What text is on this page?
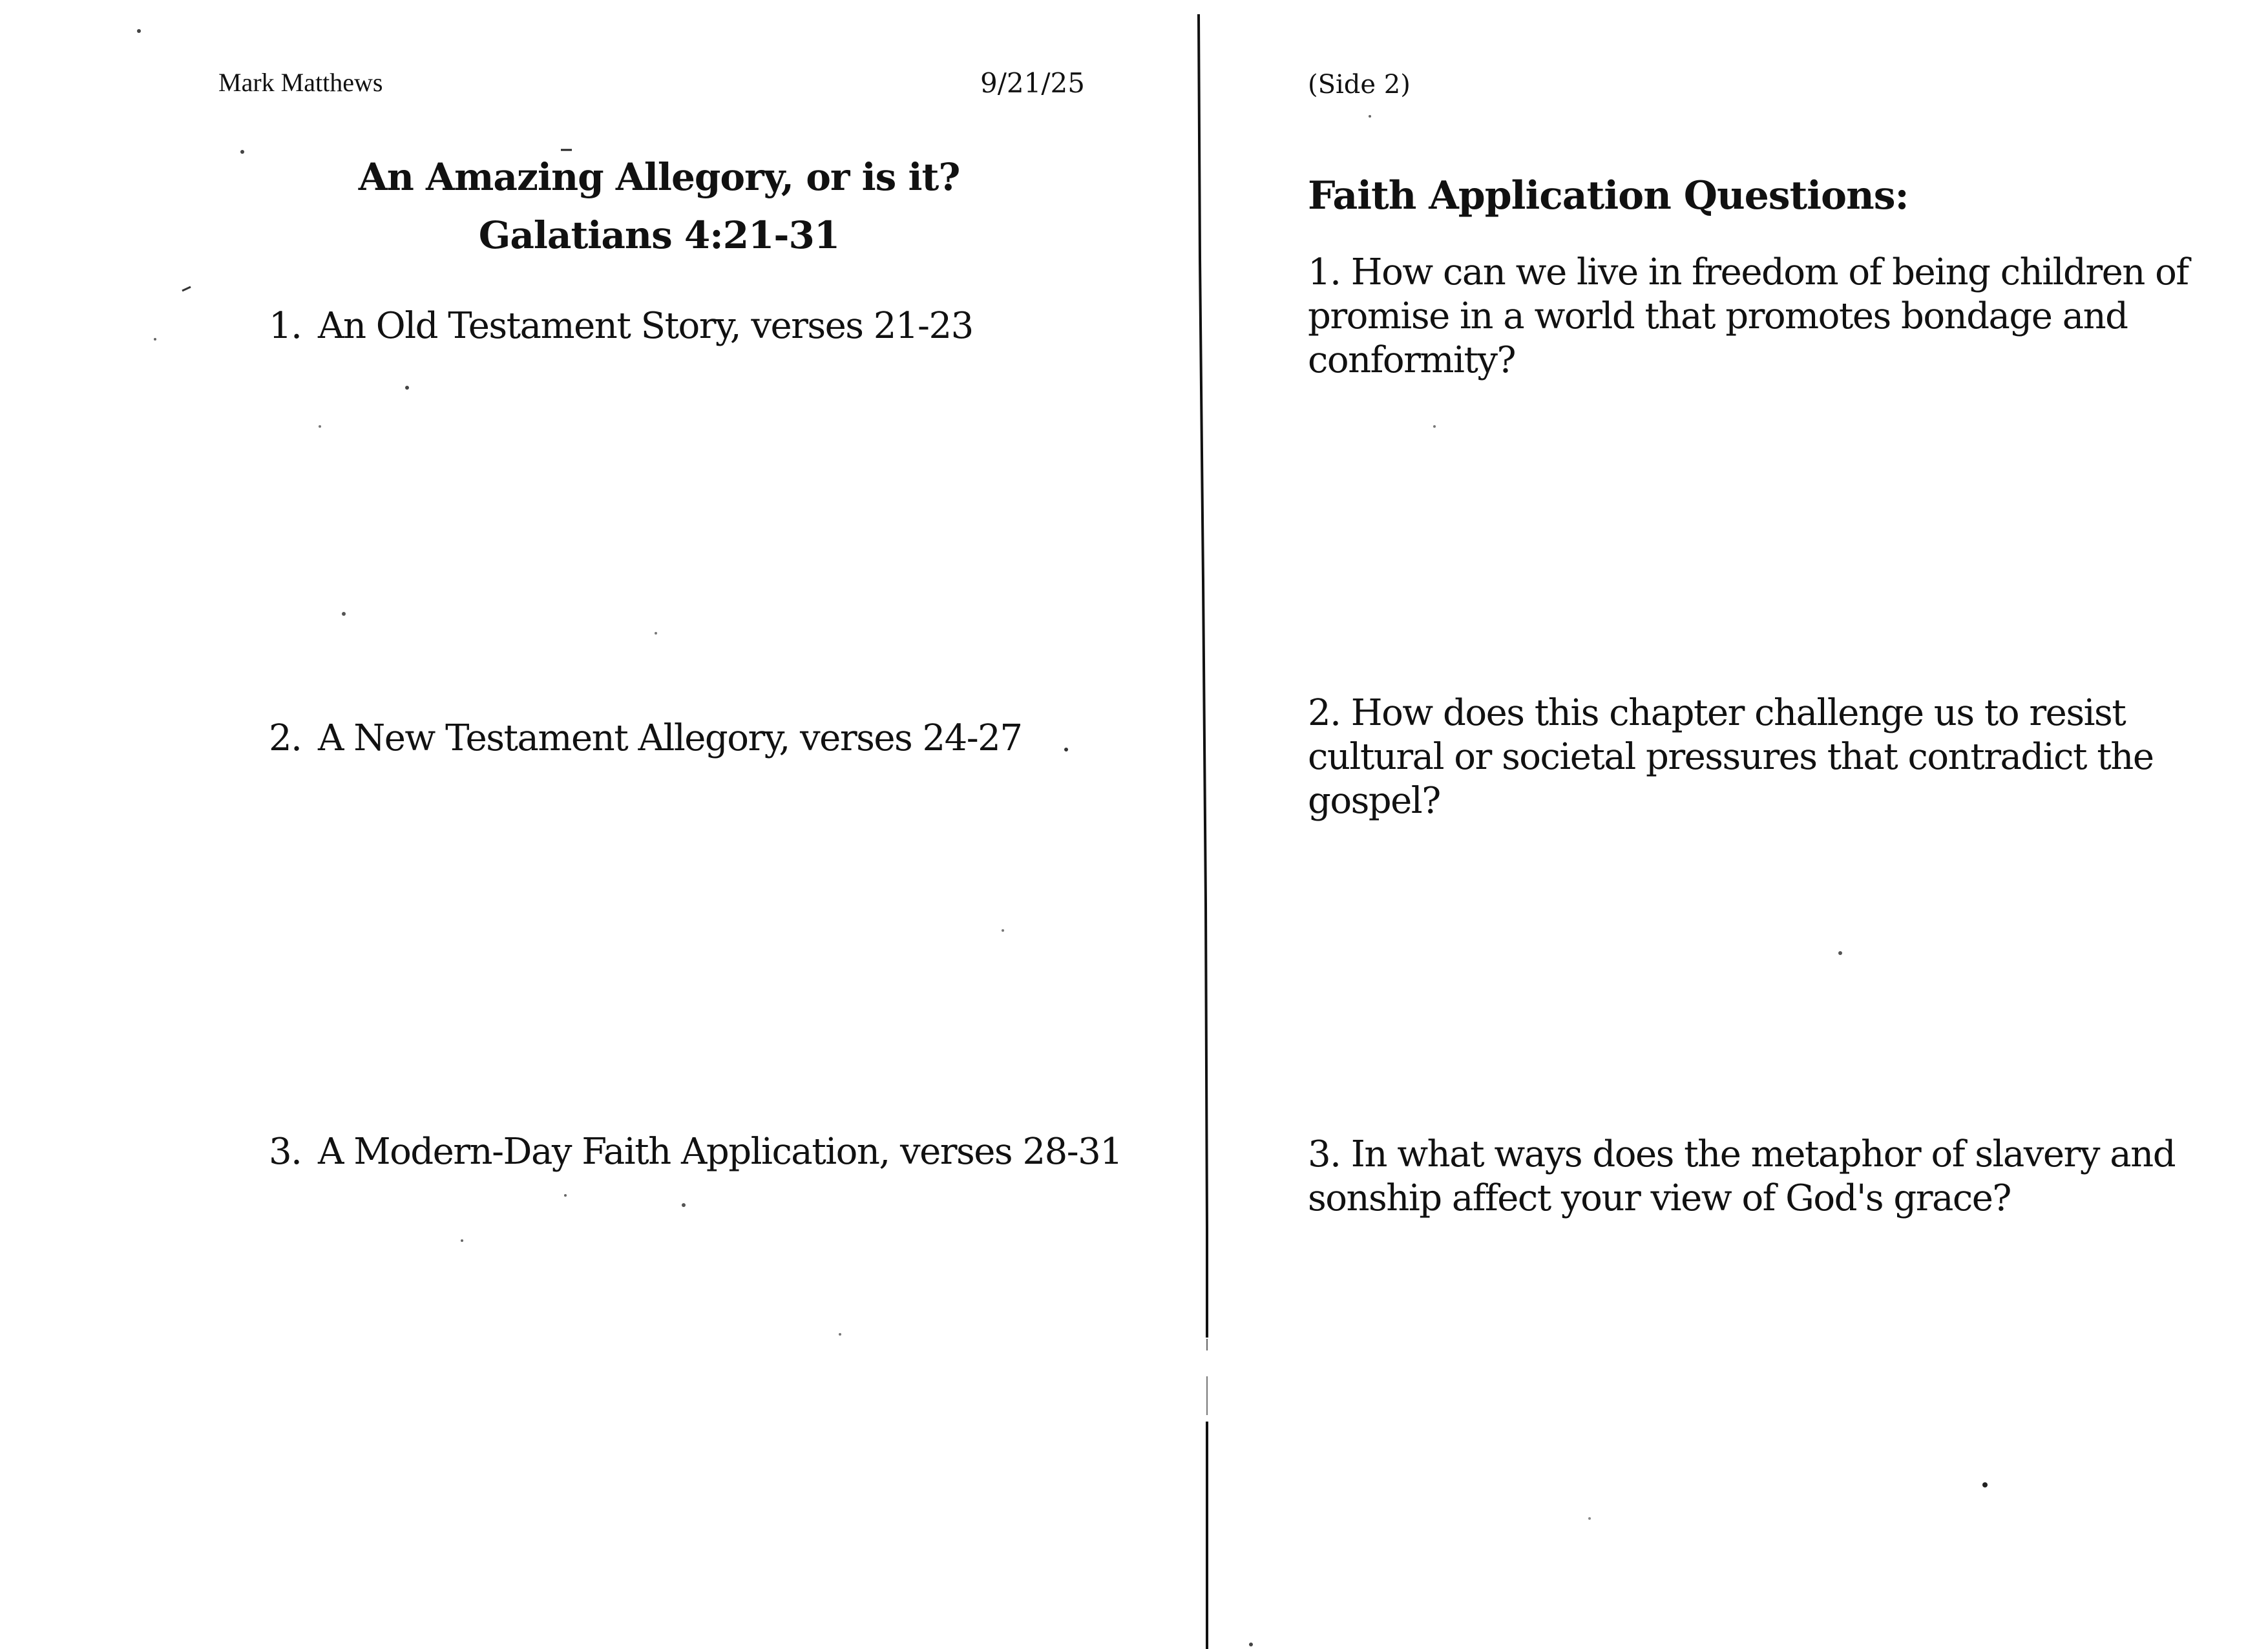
Mark Matthews	9/21/25
An Amazing Allegory, or is it?
Galatians 4:21-31
1. An Old Testament Story, verses 21-23
2. A New Testament Allegory, verses 24-27
3. A Modern-Day Faith Application, verses 28-31
(Side 2)
Faith Application Questions:
1. How can we live in freedom of being children of
promise in a world that promotes bondage and
conformity?
2. How does this chapter challenge us to resist
cultural or societal pressures that contradict the
gospel?
3. In what ways does the metaphor of slavery and
sonship affect your view of God's grace?
